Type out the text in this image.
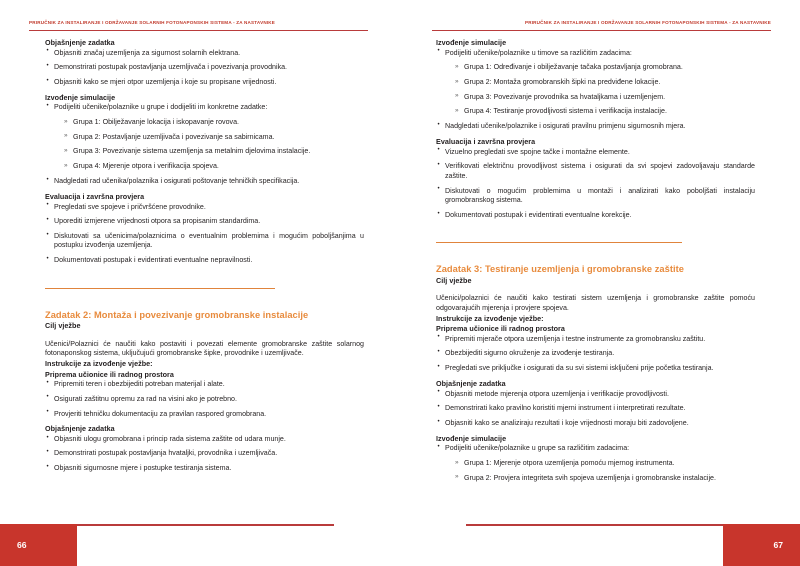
PRIRUČNIK ZA INSTALIRANJE I ODRŽAVANJE SOLARNIH FOTONAPONSKIH SISTEMA - ZA NASTAVNIKE
Objašnjenje zadatka
• Objasniti značaj uzemljenja za sigurnost solarnih elektrana.
• Demonstrirati postupak postavljanja uzemljivača i povezivanja provodnika.
• Objasniti kako se mjeri otpor uzemljenja i koje su propisane vrijednosti.
Izvođenje simulacije
• Podijeliti učenike/polaznike u grupe i dodijeliti im konkretne zadatke:
» Grupa 1: Obilježavanje lokacija i iskopavanje rovova.
» Grupa 2: Postavljanje uzemljivača i povezivanje sa sabirnicama.
» Grupa 3: Povezivanje sistema uzemljenja sa metalnim djelovima instalacije.
» Grupa 4: Mjerenje otpora i verifikacija spojeva.
• Nadgledati rad učenika/polaznika i osigurati poštovanje tehničkih specifikacija.
Evaluacija i završna provjera
• Pregledati sve spojeve i pričvršćene provodnike.
• Uporediti izmjerene vrijednosti otpora sa propisanim standardima.
• Diskutovati sa učenicima/polaznicima o eventualnim problemima i mogućim poboljšanjima u postupku izvođenja uzemljenja.
• Dokumentovati postupak i evidentirati eventualne nepravilnosti.
Zadatak 2: Montaža i povezivanje gromobranske instalacije
Cilj vježbe

Učenici/Polaznici će naučiti kako postaviti i povezati elemente gromobranske zaštite solarnog fotonaponskog sistema, uključujući gromobranske šipke, provodnike i uzemljivače.

Instrukcije za izvođenje vježbe:
Priprema učionice ili radnog prostora
• Pripremiti teren i obezbijediti potreban materijal i alate.
• Osigurati zaštitnu opremu za rad na visini ako je potrebno.
• Provjeriti tehničku dokumentaciju za pravilan raspored gromobrana.
Objašnjenje zadatka
• Objasniti ulogu gromobrana i princip rada sistema zaštite od udara munje.
• Demonstrirati postupak postavljanja hvataljki, provodnika i uzemljivača.
• Objasniti sigurnosne mjere i postupke testiranja sistema.
66
PRIRUČNIK ZA INSTALIRANJE I ODRŽAVANJE SOLARNIH FOTONAPONSKIH SISTEMA - ZA NASTAVNIKE
Izvođenje simulacije
• Podijeliti učenike/polaznike u timove sa različitim zadacima:
» Grupa 1: Određivanje i obilježavanje tačaka postavljanja gromobrana.
» Grupa 2: Montaža gromobranskih šipki na predviđene lokacije.
» Grupa 3: Povezivanje provodnika sa hvataljkama i uzemljenjem.
» Grupa 4: Testiranje provodljivosti sistema i verifikacija instalacije.
• Nadgledati učenike/polaznike i osigurati pravilnu primjenu sigurnosnih mjera.
Evaluacija i završna provjera
• Vizuelno pregledati sve spojne tačke i montažne elemente.
• Verifikovati električnu provodljivost sistema i osigurati da svi spojevi zadovoljavaju standarde zaštite.
• Diskutovati o mogućim problemima u montaži i analizirati kako poboljšati instalaciju gromobranskog sistema.
• Dokumentovati postupak i evidentirati eventualne korekcije.
Zadatak 3: Testiranje uzemljenja i gromobranske zaštite
Cilj vježbe

Učenici/polaznici će naučiti kako testirati sistem uzemljenja i gromobranske zaštite pomoću odgovarajućih mjerenja i provjere spojeva.

Instrukcije za izvođenje vježbe:
Priprema učionice ili radnog prostora
• Pripremiti mjerače otpora uzemljenja i testne instrumente za gromobransku zaštitu.
• Obezbijediti sigurno okruženje za izvođenje testiranja.
• Pregledati sve priključke i osigurati da su svi sistemi isključeni prije početka testiranja.
Objašnjenje zadatka
• Objasniti metode mjerenja otpora uzemljenja i verifikacije provodljivosti.
• Demonstrirati kako pravilno koristiti mjerni instrument i interpretirati rezultate.
• Objasniti kako se analiziraju rezultati i koje vrijednosti moraju biti zadovoljene.
Izvođenje simulacije
• Podijeliti učenike/polaznike u grupe sa različitim zadacima:
» Grupa 1: Mjerenje otpora uzemljenja pomoću mjernog instrumenta.
» Grupa 2: Provjera integriteta svih spojeva uzemljenja i gromobranske instalacije.
67
